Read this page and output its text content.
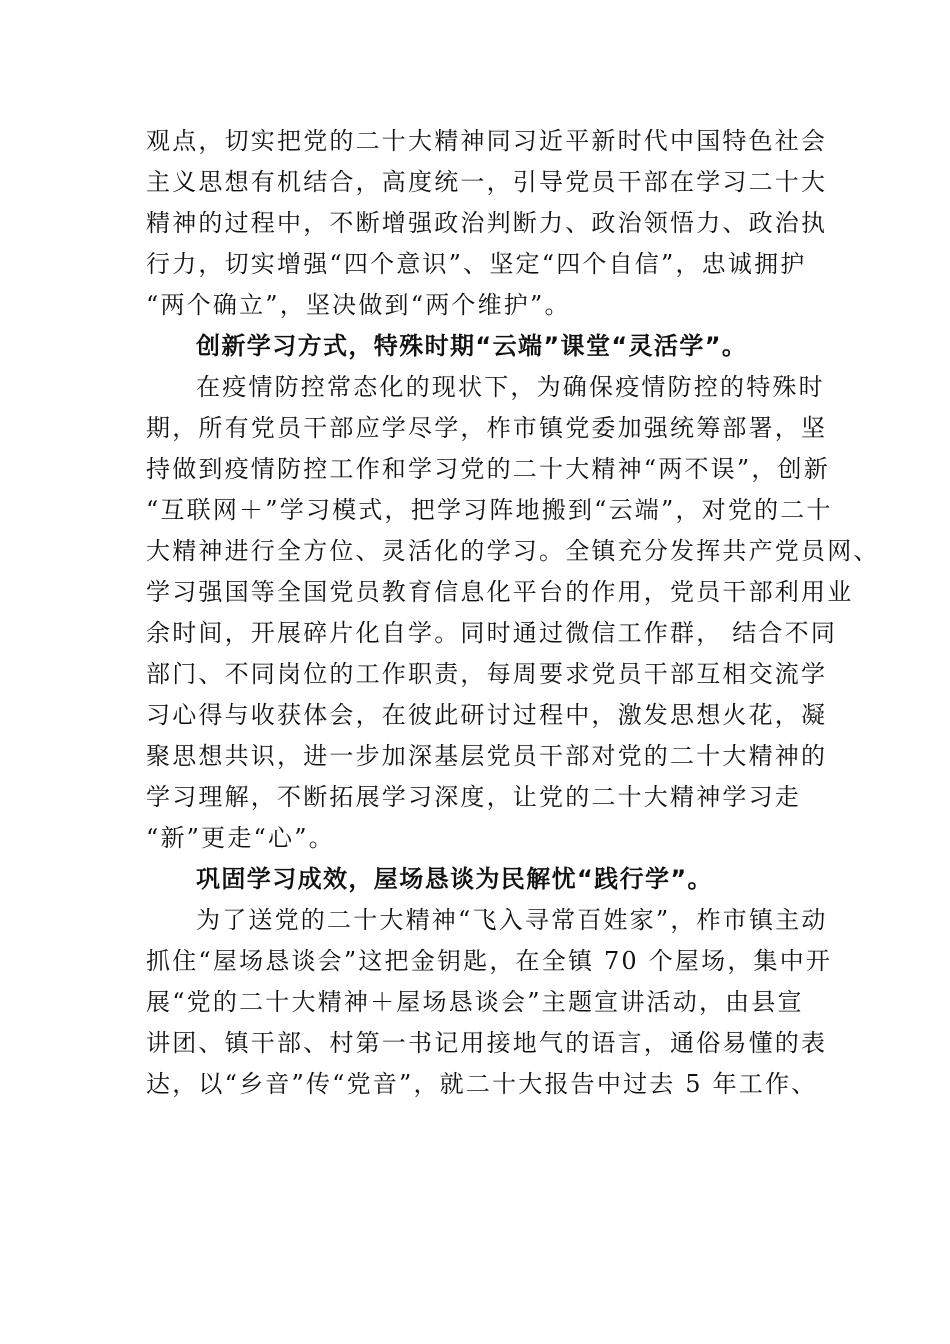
观点，切实把党的二十大精神同习近平新时代中国特色社会
主义思想有机结合，高度统一，引导党员干部在学习二十大
精神的过程中，不断增强政治判断力、政治领悟力、政治执
行力，切实增强“四个意识”、坚定“四个自信”，忠诚拥护
“两个确立”，坚决做到“两个维护”。
创新学习方式，特殊时期“云端”课堂“灵活学”。
在疫情防控常态化的现状下，为确保疫情防控的特殊时
期，所有党员干部应学尽学，柞市镇党委加强统筹部署，坚
持做到疫情防控工作和学习党的二十大精神“两不误”，创新
“互联网＋”学习模式，把学习阵地搬到“云端”，对党的二十
大精神进行全方位、灵活化的学习。全镇充分发挥共产党员网、
学习强国等全国党员教育信息化平台的作用，党员干部利用业
余时间，开展碎片化自学。同时通过微信工作群， 结合不同
部门、不同岗位的工作职责，每周要求党员干部互相交流学
习心得与收获体会，在彼此研讨过程中，激发思想火花，凝
聚思想共识，进一步加深基层党员干部对党的二十大精神的
学习理解，不断拓展学习深度，让党的二十大精神学习走
“新”更走“心”。
巩固学习成效，屋场恳谈为民解忧“践行学”。
为了送党的二十大精神“飞入寻常百姓家”，柞市镇主动
抓住“屋场恳谈会”这把金钥匙，在全镇 70 个屋场，集中开
展“党的二十大精神＋屋场恳谈会”主题宣讲活动，由县宣
讲团、镇干部、村第一书记用接地气的语言，通俗易懂的表
达，以“乡音”传“党音”，就二十大报告中过去 5 年工作、
